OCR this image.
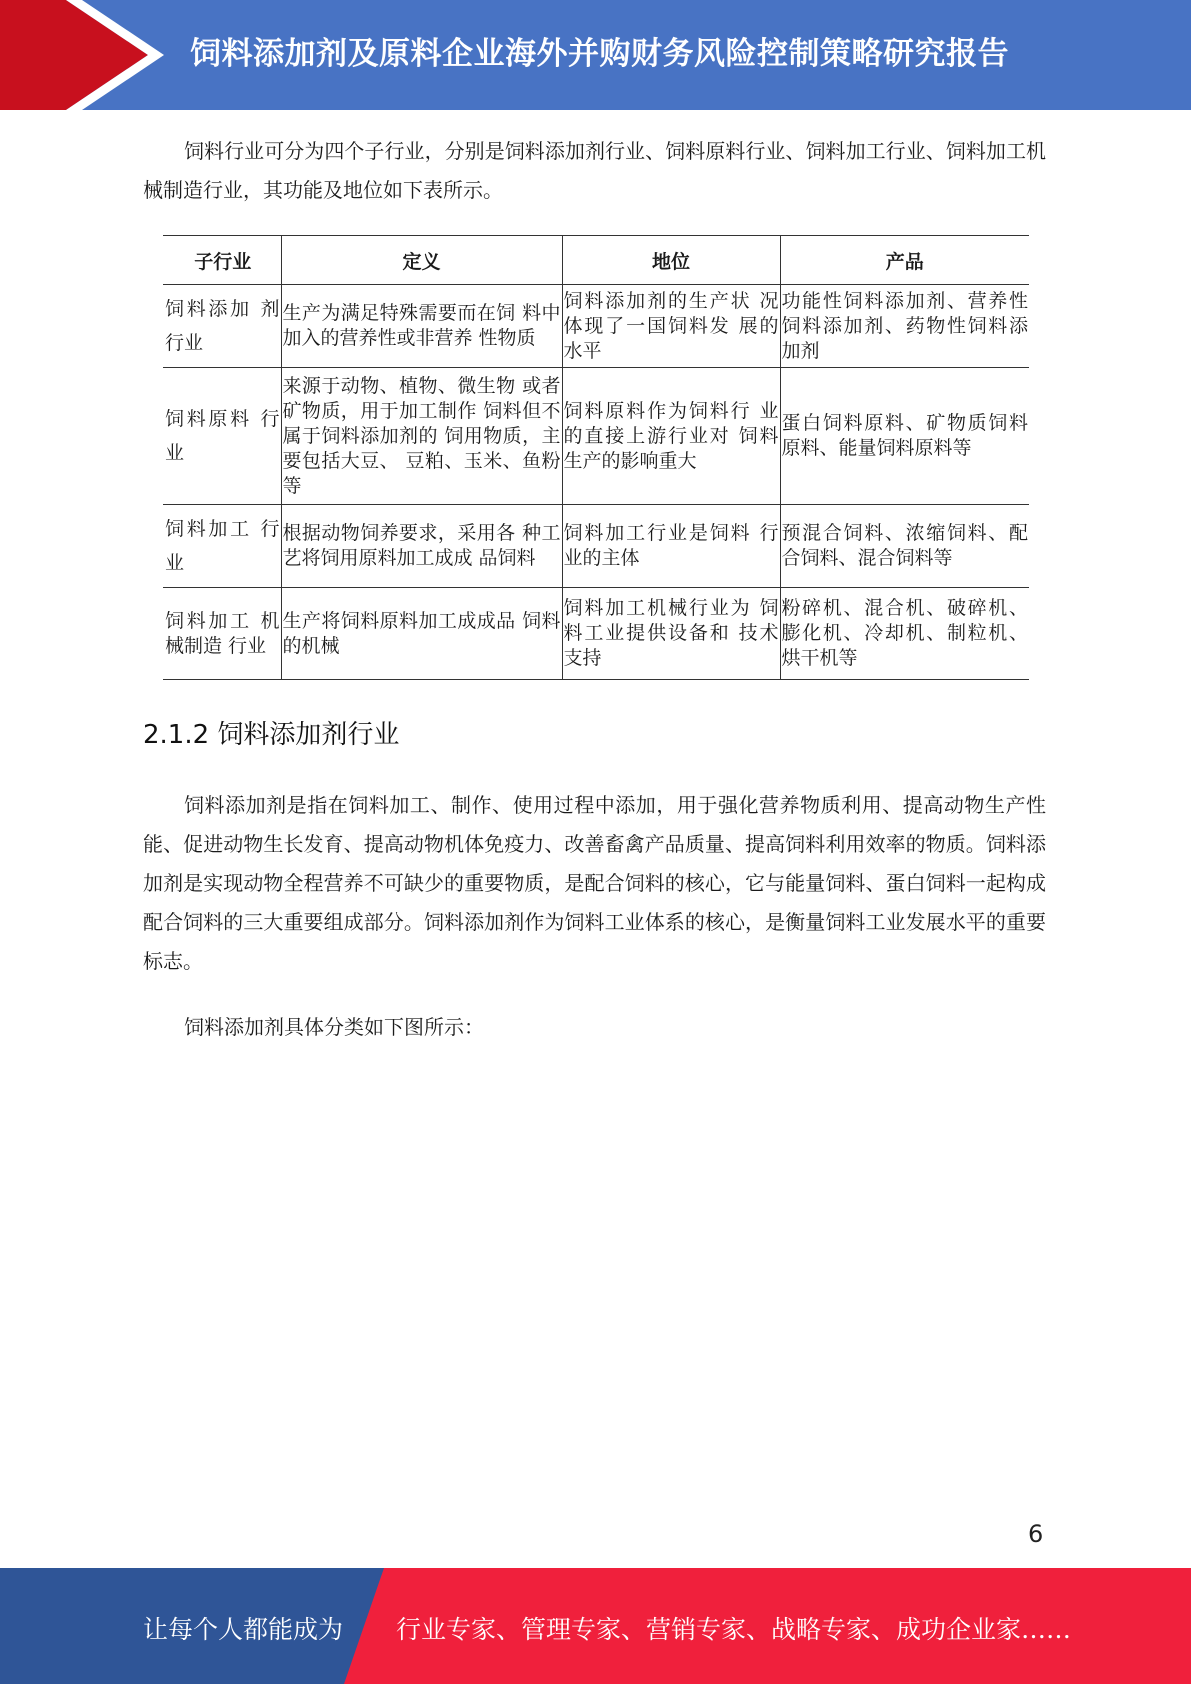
饲料添加剂及原料企业海外并购财务风险控制策略研究报告

饲料行业可分为四个子行业，分别是饲料添加剂行业、饲料原料行业、饲料加工行业、饲料加工机械制造行业，其功能及地位如下表所示。

子行业	定义	地位	产品
饲料添加 剂行业	生产为满足特殊需要而在饲 料中加入的营养性或非营养 性物质	饲料添加剂的生产状 况体现了一国饲料发 展的水平	功能性饲料添加剂、营养性饲料添加剂、药物性饲料添加剂
饲料原料 行业	来源于动物、植物、微生物 或者矿物质，用于加工制作 饲料但不属于饲料添加剂的 饲用物质，主要包括大豆、 豆粕、玉米、鱼粉等	饲料原料作为饲料行 业的直接上游行业对 饲料生产的影响重大	蛋白饲料原料、矿物质饲料原料、能量饲料原料等
饲料加工 行业	根据动物饲养要求，采用各 种工艺将饲用原料加工成成 品饲料	饲料加工行业是饲料 行业的主体	预混合饲料、浓缩饲料、配合饲料、混合饲料等
饲料加工 机械制造 行业	生产将饲料原料加工成成品 饲料的机械	饲料加工机械行业为 饲料工业提供设备和 技术支持	粉碎机、混合机、破碎机、膨化机、冷却机、制粒机、烘干机等
2.1.2 饲料添加剂行业

饲料添加剂是指在饲料加工、制作、使用过程中添加，用于强化营养物质利用、提高动物生产性能、促进动物生长发育、提高动物机体免疫力、改善畜禽产品质量、提高饲料利用效率的物质。饲料添加剂是实现动物全程营养不可缺少的重要物质，是配合饲料的核心，它与能量饲料、蛋白饲料一起构成配合饲料的三大重要组成部分。饲料添加剂作为饲料工业体系的核心，是衡量饲料工业发展水平的重要标志。

饲料添加剂具体分类如下图所示：

6
让每个人都能成为 行业专家、管理专家、营销专家、战略专家、成功企业家……
